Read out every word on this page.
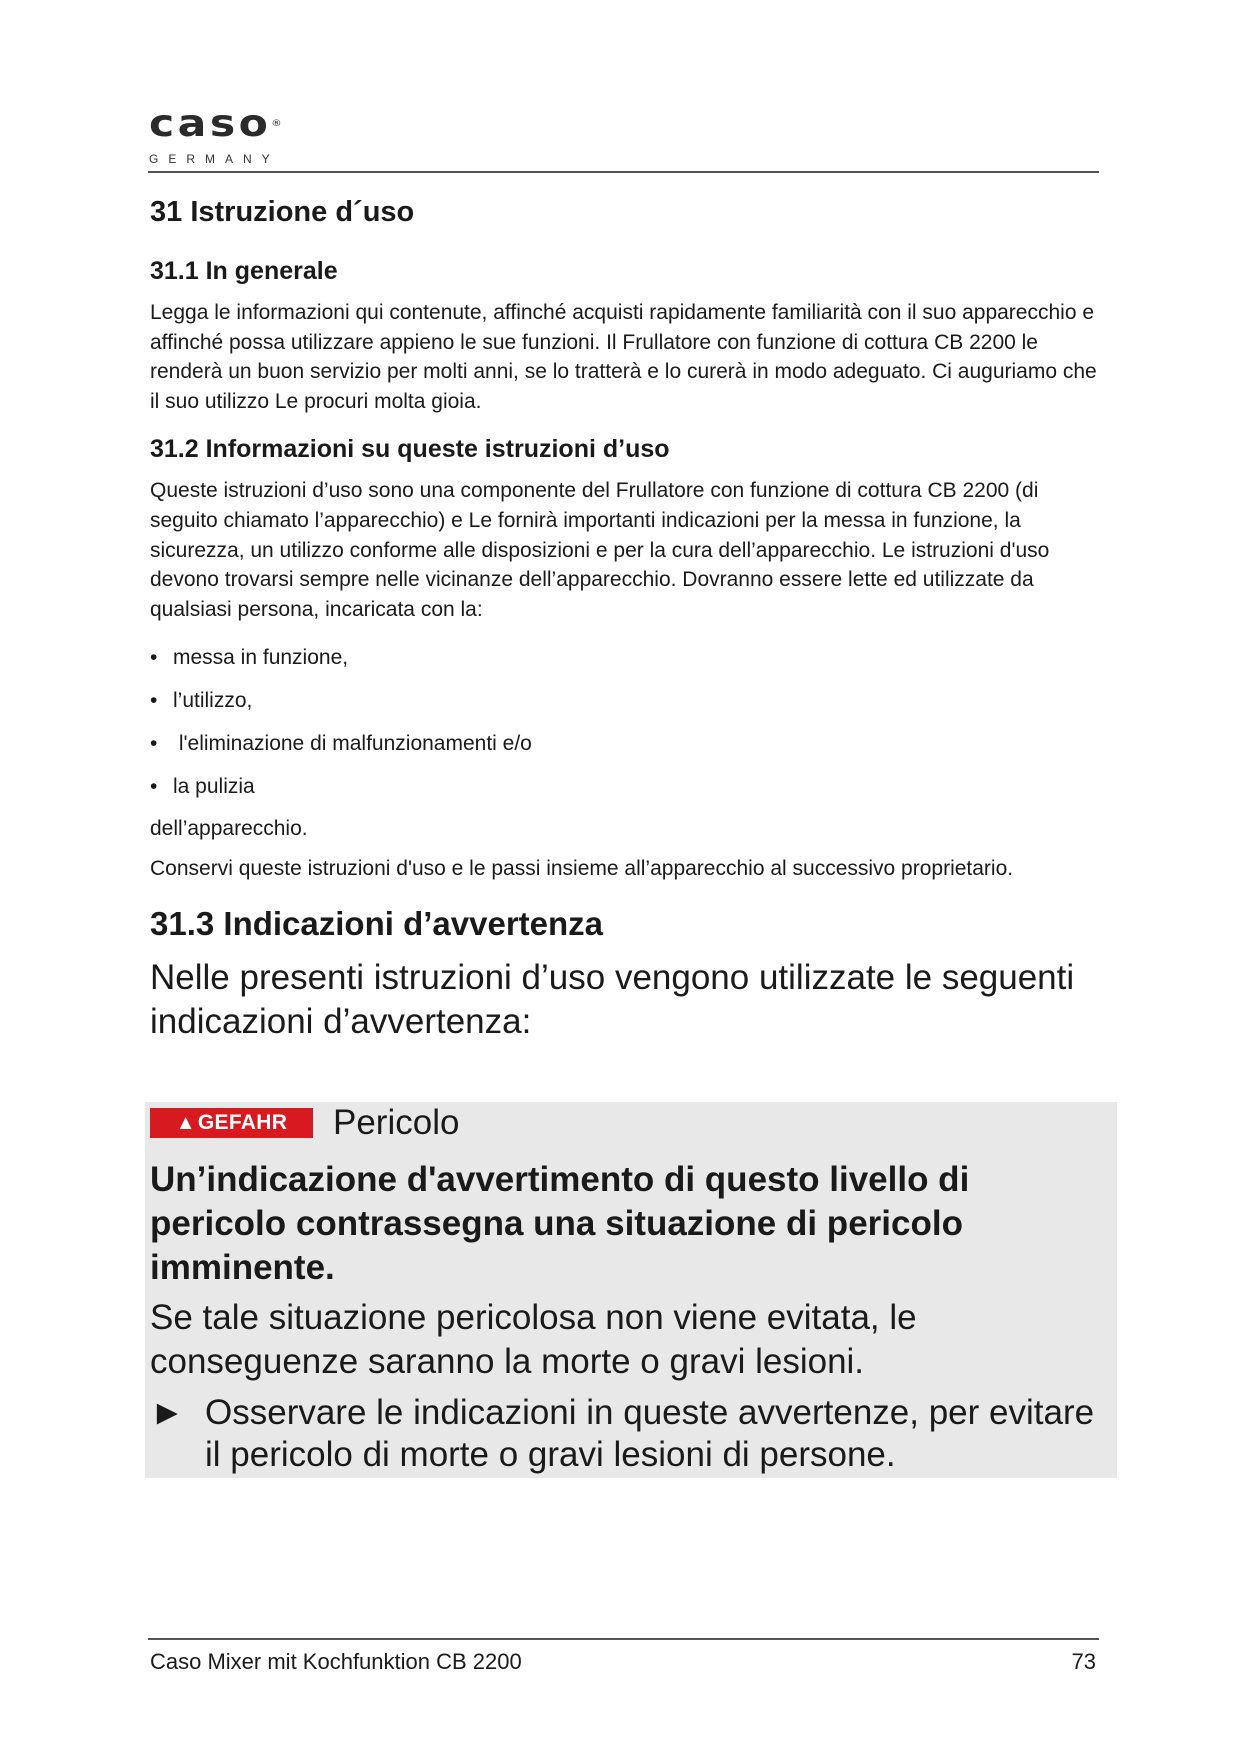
caso®
GERMANY
31 Istruzione d´uso
31.1 In generale

Legga le informazioni qui contenute, affinché acquisti rapidamente familiarità con il suo apparecchio e affinché possa utilizzare appieno le sue funzioni. Il Frullatore con funzione di cottura CB 2200 le renderà un buon servizio per molti anni, se lo tratterà e lo curerà in modo adeguato. Ci auguriamo che il suo utilizzo Le procuri molta gioia.

31.2 Informazioni su queste istruzioni d’uso

Queste istruzioni d’uso sono una componente del Frullatore con funzione di cottura CB 2200 (di seguito chiamato l’apparecchio) e Le fornirà importanti indicazioni per la messa in funzione, la sicurezza, un utilizzo conforme alle disposizioni e per la cura dell’apparecchio. Le istruzioni d'uso devono trovarsi sempre nelle vicinanze dell’apparecchio. Dovranno essere lette ed utilizzate da qualsiasi persona, incaricata con la:

• messa in funzione,
• l’utilizzo,
• l'eliminazione di malfunzionamenti e/o
• la pulizia

dell’apparecchio.

Conservi queste istruzioni d'uso e le passi insieme all’apparecchio al successivo proprietario.

31.3 Indicazioni d’avvertenza

Nelle presenti istruzioni d’uso vengono utilizzate le seguenti indicazioni d’avvertenza:

▲ GEFAHR Pericolo
Un’indicazione d'avvertimento di questo livello di pericolo contrassegna una situazione di pericolo imminente.
Se tale situazione pericolosa non viene evitata, le conseguenze saranno la morte o gravi lesioni.
► Osservare le indicazioni in queste avvertenze, per evitare il pericolo di morte o gravi lesioni di persone.
Caso Mixer mit Kochfunktion CB 2200	73
